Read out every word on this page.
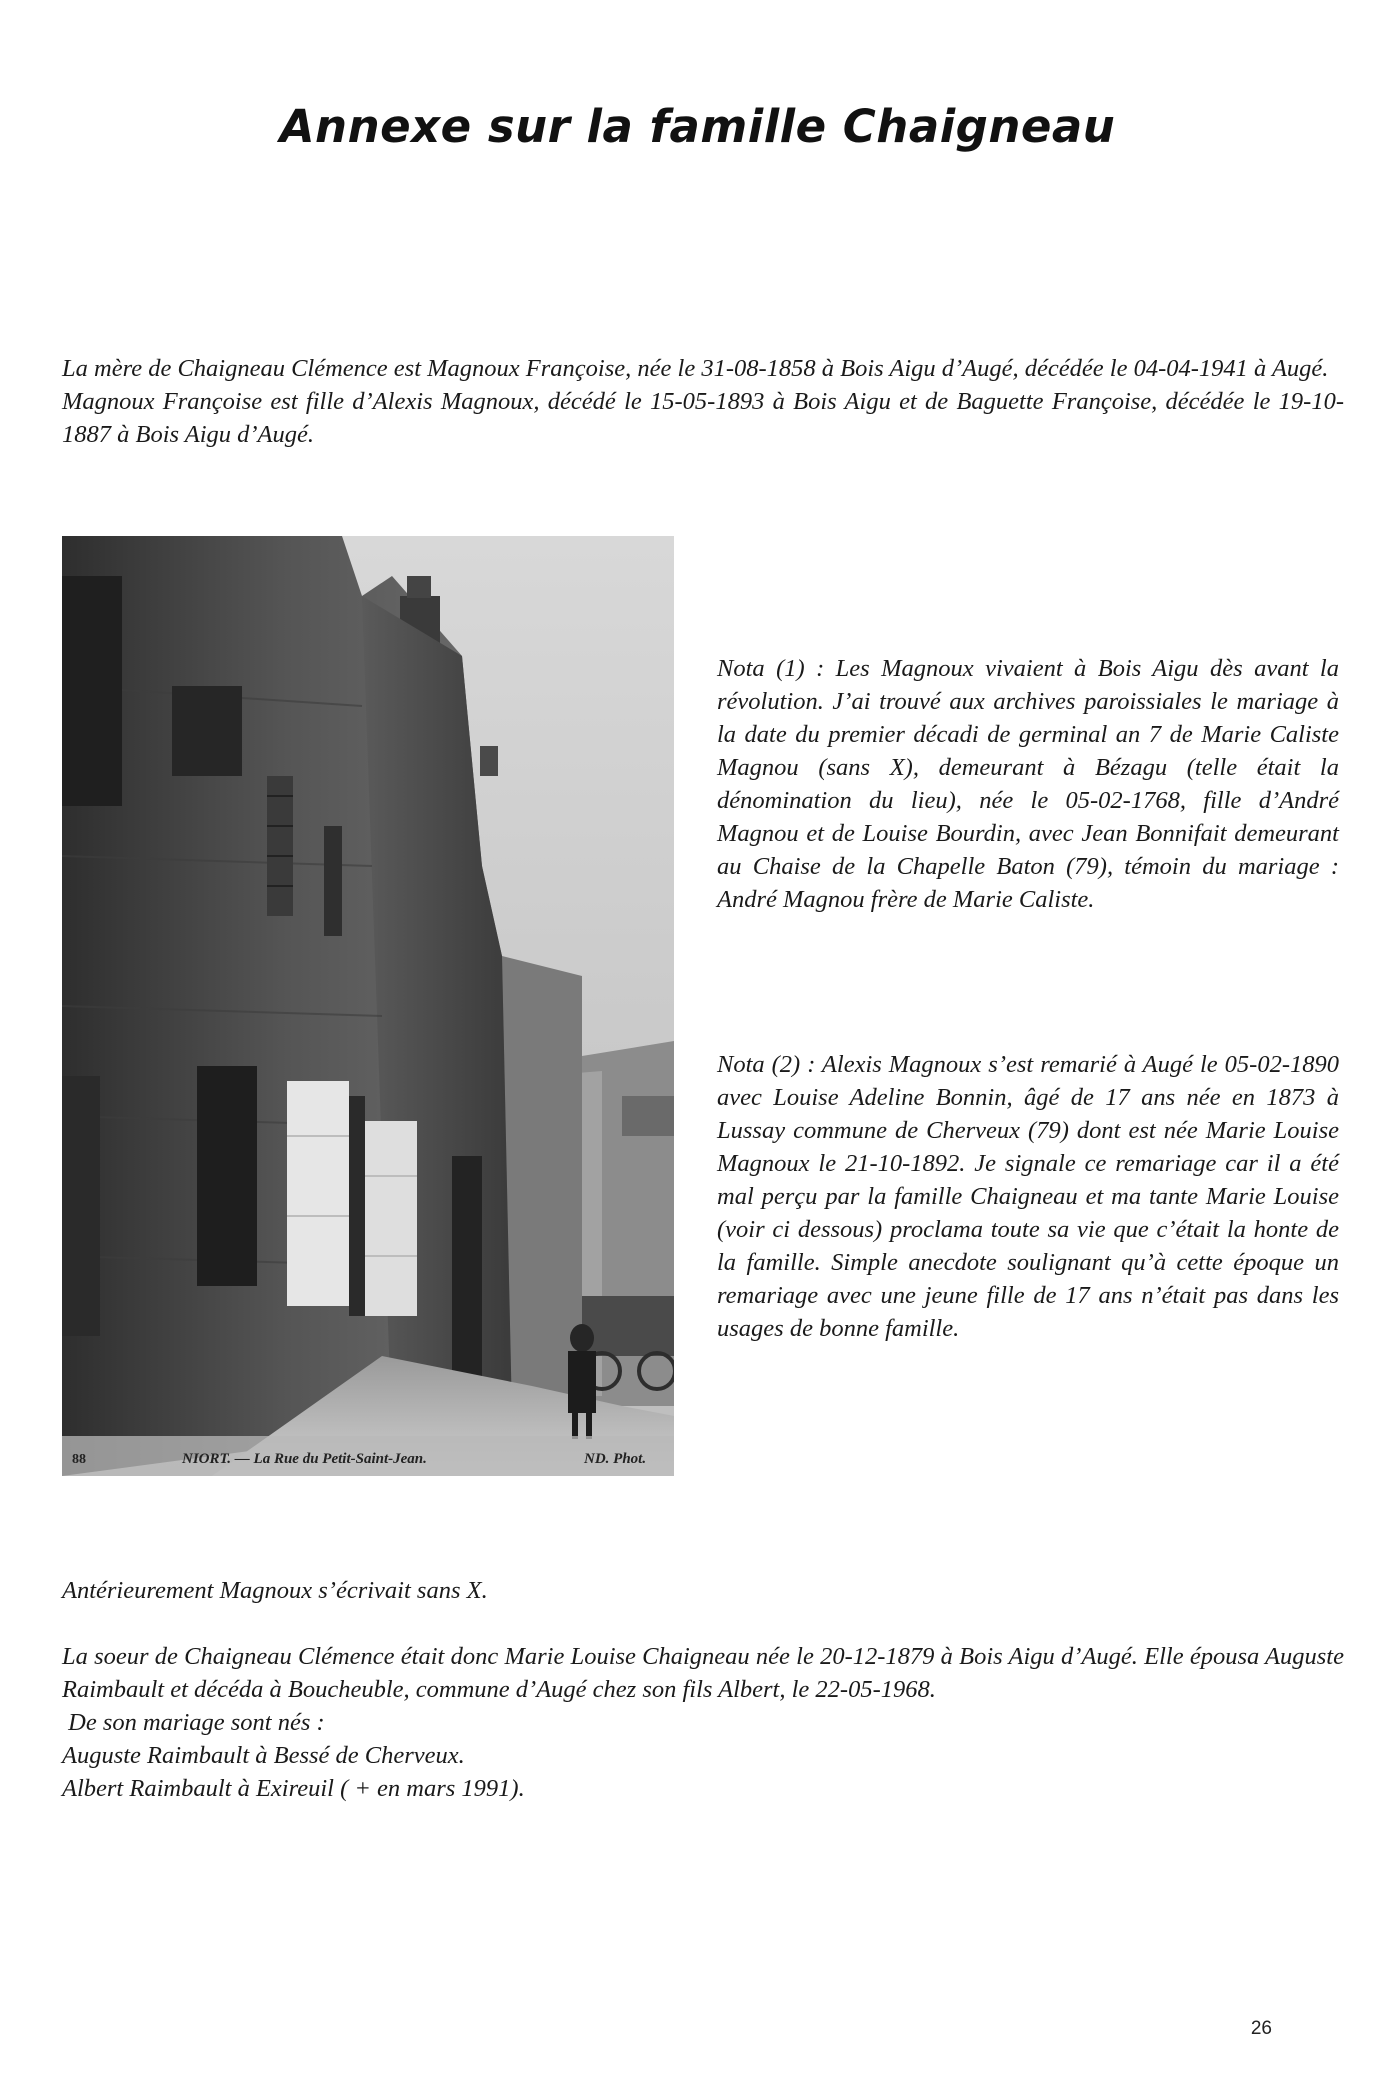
Annexe sur la famille Chaigneau

La mère de Chaigneau Clémence est Magnoux Françoise, née le 31-08-1858 à Bois Aigu d’Augé, décédée le 04-04-1941 à Augé.

Magnoux Françoise est fille d’Alexis Magnoux, décédé le 15-05-1893 à Bois Aigu et de Baguette Françoise, décédée le 19-10-1887 à Bois Aigu d’Augé.

88	NIORT. — La Rue du Petit-Saint-Jean.	ND. Phot.

Nota (1) : Les Magnoux vivaient à Bois Aigu dès avant la révolution. J’ai trouvé aux archives paroissiales le mariage à la date du premier décadi de germinal an 7 de Marie Caliste Magnou (sans X), demeurant à Bézagu (telle était la dénomination du lieu), née le 05-02-1768, fille d’André Magnou et de Louise Bourdin, avec Jean Bonnifait demeurant au Chaise de la Chapelle Baton (79), témoin du mariage : André Magnou frère de Marie Caliste.

Nota (2) : Alexis Magnoux s’est remarié à Augé le 05-02-1890 avec Louise Adeline Bonnin, âgé de 17 ans née en 1873 à Lussay commune de Cherveux (79) dont est née Marie Louise Magnoux le 21-10-1892. Je signale ce remariage car il a été mal perçu par la famille Chaigneau et ma tante Marie Louise (voir ci dessous) proclama toute sa vie que c’était la honte de la famille. Simple anecdote soulignant qu’à cette époque un remariage avec une jeune fille de 17 ans n’était pas dans les usages de bonne famille.

Antérieurement Magnoux s’écrivait sans X.

La soeur de Chaigneau Clémence était donc Marie Louise Chaigneau née le 20-12-1879 à Bois Aigu d’Augé. Elle épousa Auguste Raimbault et décéda à Boucheuble, commune d’Augé chez son fils Albert, le 22-05-1968.

De son mariage sont nés :

Auguste Raimbault à Bessé de Cherveux.

Albert Raimbault à Exireuil ( + en mars 1991).

26
